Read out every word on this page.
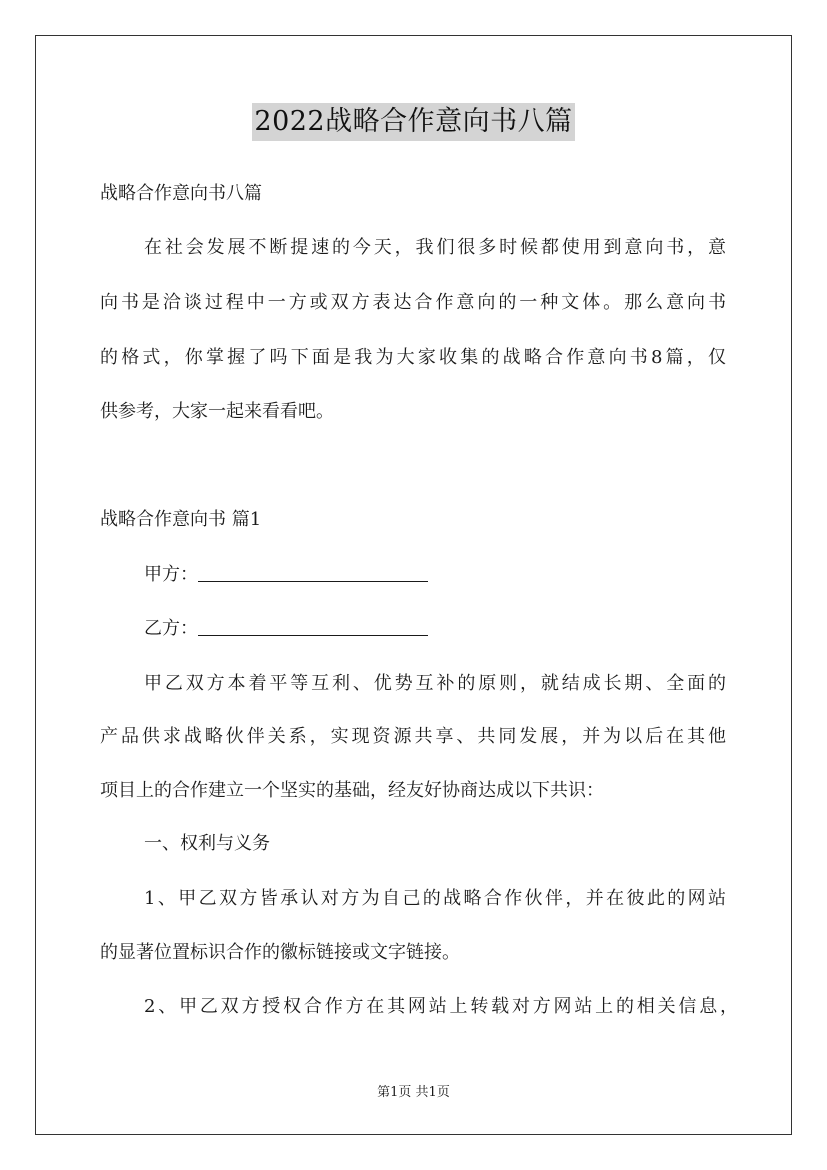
2022战略合作意向书八篇
战略合作意向书八篇
在社会发展不断提速的今天，我们很多时候都使用到意向书，意
向书是洽谈过程中一方或双方表达合作意向的一种文体。那么意向书
的格式，你掌握了吗下面是我为大家收集的战略合作意向书8篇，仅
供参考，大家一起来看看吧。
战略合作意向书 篇1
甲方：
乙方：
甲乙双方本着平等互利、优势互补的原则，就结成长期、全面的
产品供求战略伙伴关系，实现资源共享、共同发展，并为以后在其他
项目上的合作建立一个坚实的基础，经友好协商达成以下共识：
一、权利与义务
1、甲乙双方皆承认对方为自己的战略合作伙伴，并在彼此的网站
的显著位置标识合作的徽标链接或文字链接。
2、甲乙双方授权合作方在其网站上转载对方网站上的相关信息，
第1页 共1页
